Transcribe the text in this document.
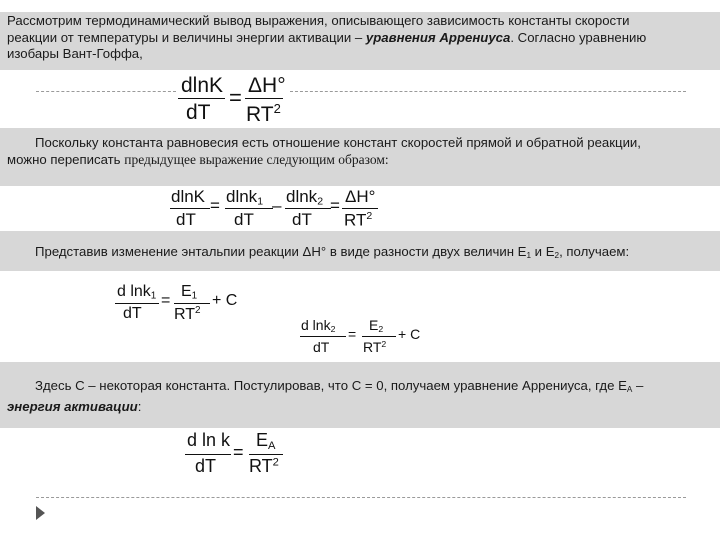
Рассмотрим термодинамический вывод выражения, описывающего зависимость константы скорости
реакции от температуры и величины энергии активации – уравнения Аррениуса. Согласно уравнению
изобары Вант-Гоффа,
dlnK
dT
= ΔH°
$RT^2$
Поскольку константа равновесия есть отношение констант скоростей прямой и обратной реакции,
можно переписать предыдущее выражение следующим образом:
dlnK
dT
= dlnk$_1$
dT
– dlnk$_2$
dT
= ΔH°
$RT^2$
Представив изменение энтальпии реакции ΔH° в виде разности двух величин $E_1$ и $E_2$, получаем:
d lnk$_1$
dT
=
$E_1$
$RT^2$
+ C
d lnk$_2$
dT
=
$E_2$
$RT^2$
+ C
Здесь C – некоторая константа. Постулировав, что C = 0, получаем уравнение Аррениуса, где $E_A$ –
энергия активации:
d ln k
dT
=
$E_A$
$RT^2$
